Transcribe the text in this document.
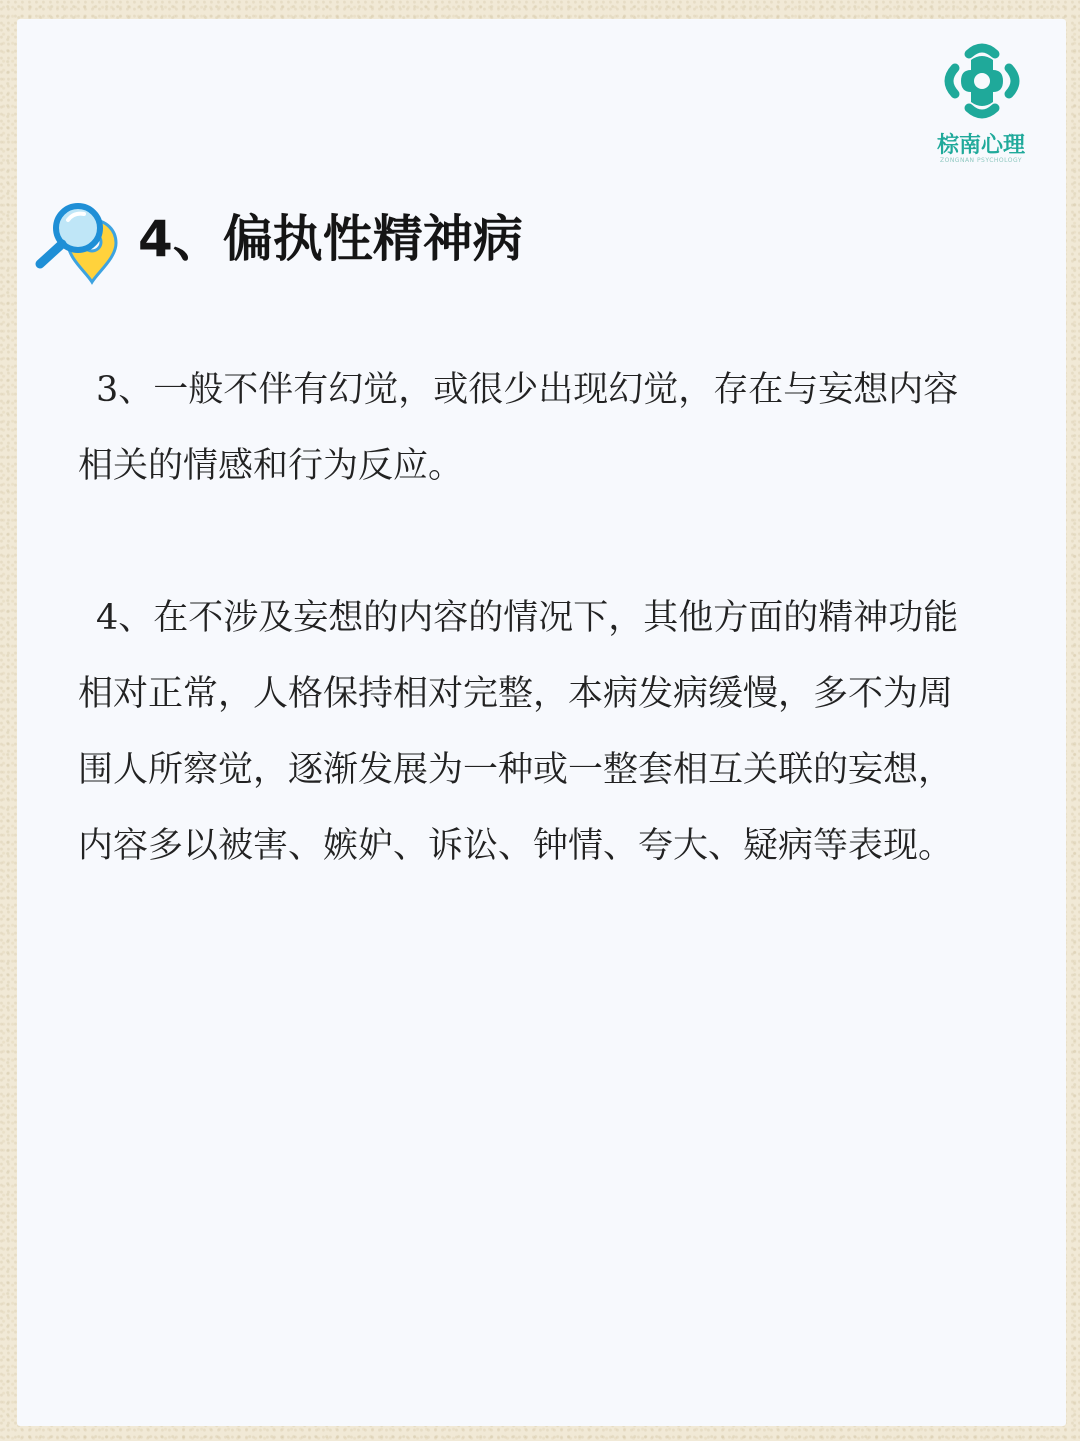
棕南心理
ZONGNAN PSYCHOLOGY
4、偏执性精神病

3、一般不伴有幻觉，或很少出现幻觉，存在与妄想内容相关的情感和行为反应。

4、在不涉及妄想的内容的情况下，其他方面的精神功能相对正常，人格保持相对完整，本病发病缓慢，多不为周围人所察觉，逐渐发展为一种或一整套相互关联的妄想，内容多以被害、嫉妒、诉讼、钟情、夸大、疑病等表现。
